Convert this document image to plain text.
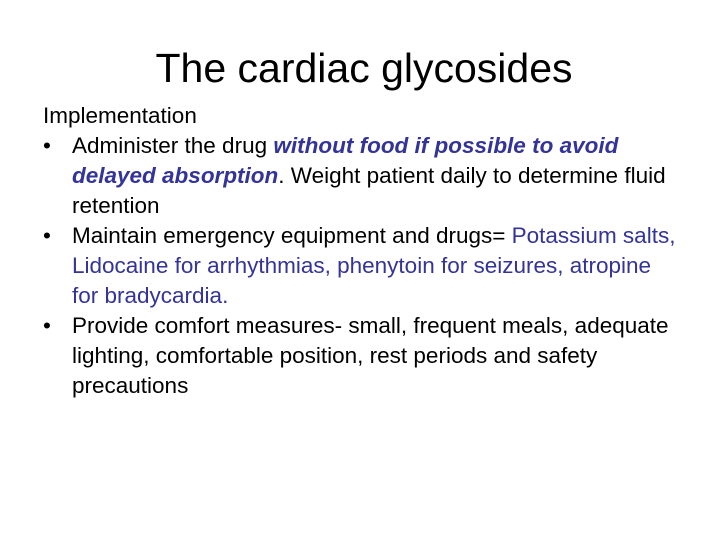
The cardiac glycosides
Implementation
• Administer the drug without food if possible to avoid delayed absorption. Weight patient daily to determine fluid retention
• Maintain emergency equipment and drugs= Potassium salts, Lidocaine for arrhythmias, phenytoin for seizures, atropine for bradycardia.
• Provide comfort measures- small, frequent meals, adequate lighting, comfortable position, rest periods and safety precautions
